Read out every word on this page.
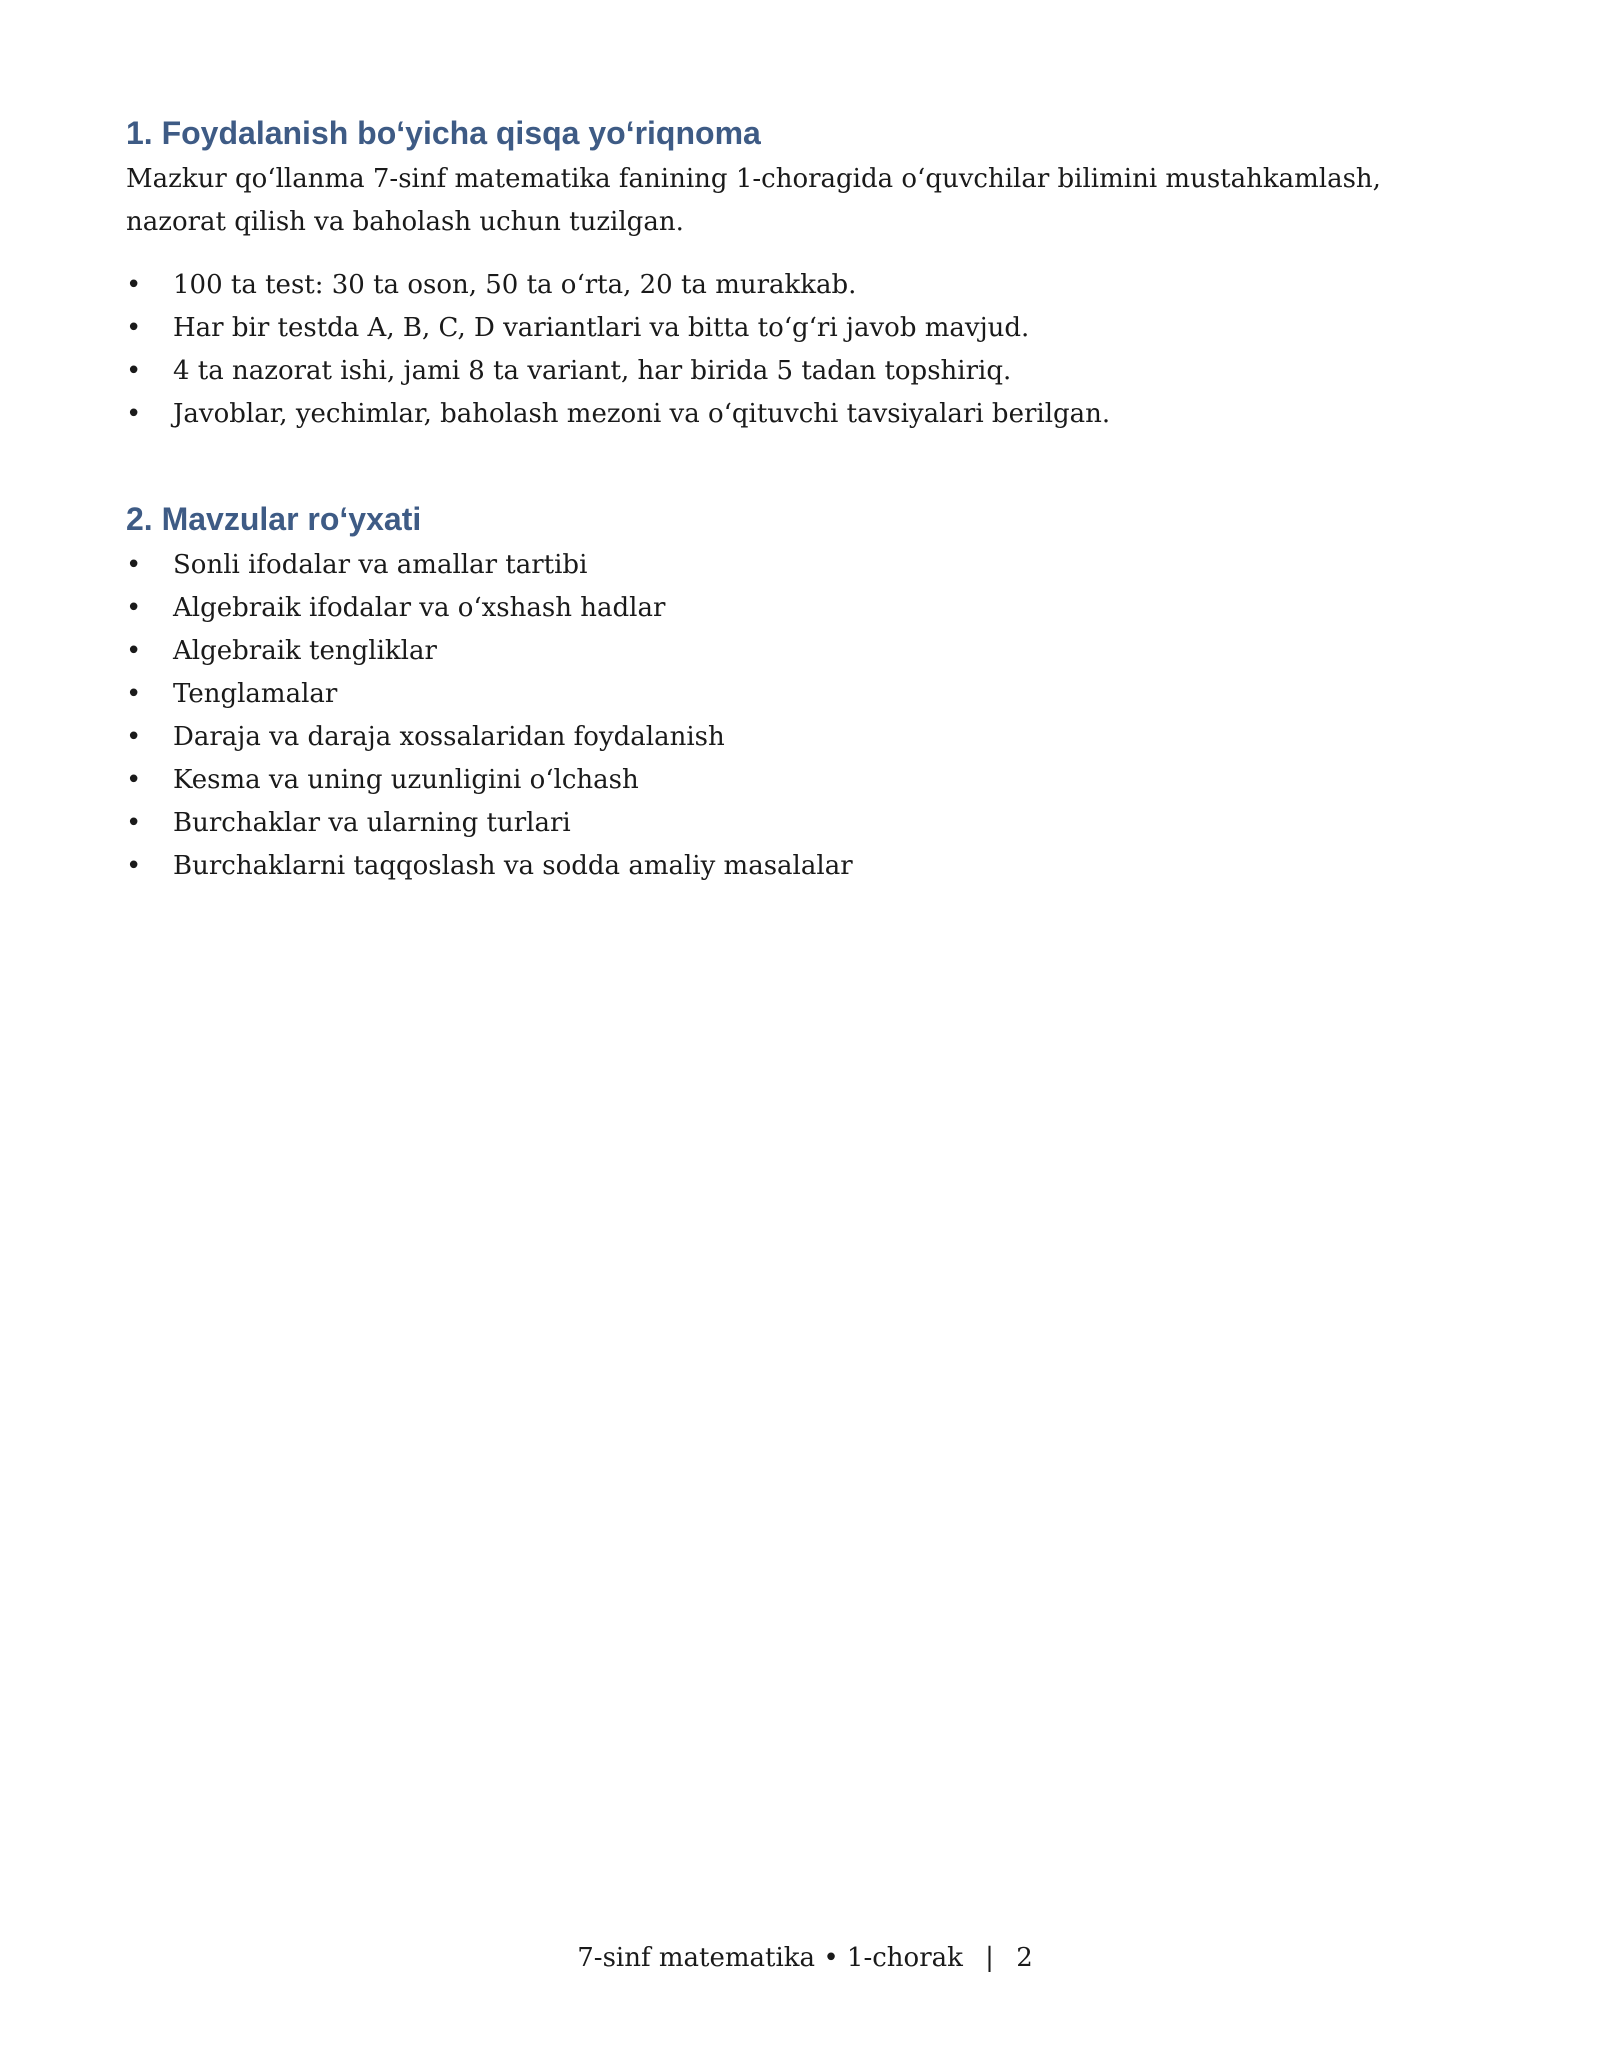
1. Foydalanish bo‘yicha qisqa yo‘riqnoma

Mazkur qo‘llanma 7-sinf matematika fanining 1-choragida o‘quvchilar bilimini mustahkamlash, nazorat qilish va baholash uchun tuzilgan.

• 100 ta test: 30 ta oson, 50 ta o‘rta, 20 ta murakkab.
• Har bir testda A, B, C, D variantlari va bitta to‘g‘ri javob mavjud.
• 4 ta nazorat ishi, jami 8 ta variant, har birida 5 tadan topshiriq.
• Javoblar, yechimlar, baholash mezoni va o‘qituvchi tavsiyalari berilgan.
2. Mavzular ro‘yxati
• Sonli ifodalar va amallar tartibi
• Algebraik ifodalar va o‘xshash hadlar
• Algebraik tengliklar
• Tenglamalar
• Daraja va daraja xossalaridan foydalanish
• Kesma va uning uzunligini o‘lchash
• Burchaklar va ularning turlari
• Burchaklarni taqqoslash va sodda amaliy masalalar
7-sinf matematika • 1-chorak | 2
